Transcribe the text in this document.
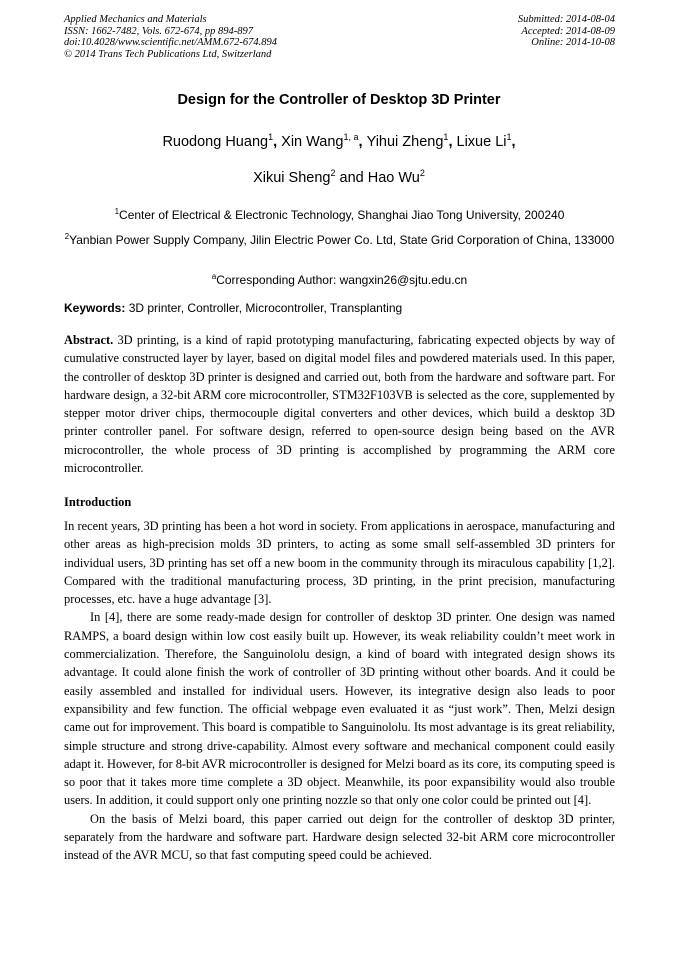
Applied Mechanics and Materials
ISSN: 1662-7482, Vols. 672-674, pp 894-897
doi:10.4028/www.scientific.net/AMM.672-674.894
© 2014 Trans Tech Publications Ltd, Switzerland
Submitted: 2014-08-04
Accepted: 2014-08-09
Online: 2014-10-08
Design for the Controller of Desktop 3D Printer
Ruodong Huang$^1$, Xin Wang$^{1, a}$, Yihui Zheng$^1$, Lixue Li$^1$,
Xikui Sheng$^2$ and Hao Wu$^2$
$^1$Center of Electrical & Electronic Technology, Shanghai Jiao Tong University, 200240
$^2$Yanbian Power Supply Company, Jilin Electric Power Co. Ltd, State Grid Corporation of China, 133000
$^a$Corresponding Author: wangxin26@sjtu.edu.cn
Keywords: 3D printer, Controller, Microcontroller, Transplanting
Abstract. 3D printing, is a kind of rapid prototyping manufacturing, fabricating expected objects by way of cumulative constructed layer by layer, based on digital model files and powdered materials used. In this paper, the controller of desktop 3D printer is designed and carried out, both from the hardware and software part. For hardware design, a 32-bit ARM core microcontroller, STM32F103VB is selected as the core, supplemented by stepper motor driver chips, thermocouple digital converters and other devices, which build a desktop 3D printer controller panel. For software design, referred to open-source design being based on the AVR microcontroller, the whole process of 3D printing is accomplished by programming the ARM core microcontroller.
Introduction

In recent years, 3D printing has been a hot word in society. From applications in aerospace, manufacturing and other areas as high-precision molds 3D printers, to acting as some small self-assembled 3D printers for individual users, 3D printing has set off a new boom in the community through its miraculous capability [1,2]. Compared with the traditional manufacturing process, 3D printing, in the print precision, manufacturing processes, etc. have a huge advantage [3].

In [4], there are some ready-made design for controller of desktop 3D printer. One design was named RAMPS, a board design within low cost easily built up. However, its weak reliability couldn’t meet work in commercialization. Therefore, the Sanguinololu design, a kind of board with integrated design shows its advantage. It could alone finish the work of controller of 3D printing without other boards. And it could be easily assembled and installed for individual users. However, its integrative design also leads to poor expansibility and few function. The official webpage even evaluated it as “just work”. Then, Melzi design came out for improvement. This board is compatible to Sanguinololu. Its most advantage is its great reliability, simple structure and strong drive-capability. Almost every software and mechanical component could easily adapt it. However, for 8-bit AVR microcontroller is designed for Melzi board as its core, its computing speed is so poor that it takes more time complete a 3D object. Meanwhile, its poor expansibility would also trouble users. In addition, it could support only one printing nozzle so that only one color could be printed out [4].

On the basis of Melzi board, this paper carried out deign for the controller of desktop 3D printer, separately from the hardware and software part. Hardware design selected 32-bit ARM core microcontroller instead of the AVR MCU, so that fast computing speed could be achieved.
